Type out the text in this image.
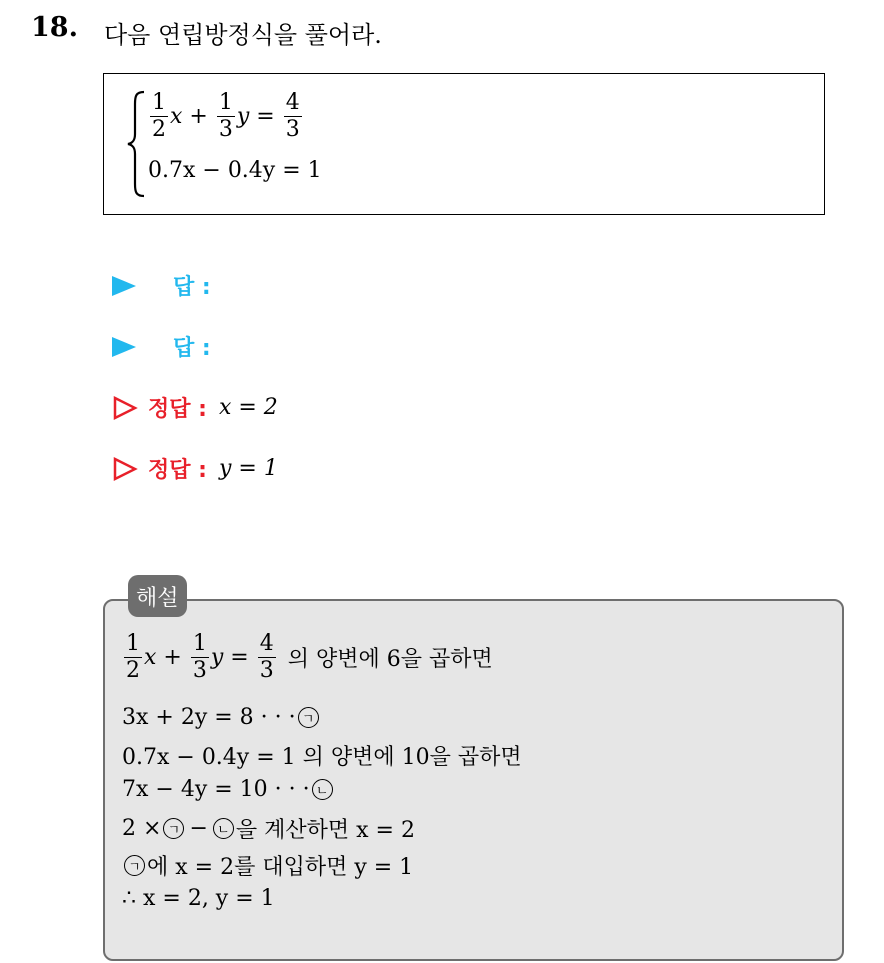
18. 다음 연립방정식을 풀어라.
$\frac{1}{2}$ $x + \frac{1}{3}$ $y = \frac{4}{3}$
0.7x − 0.4y = 1
답 :
답 :
정답 : x = 2
정답 : y = 1
해설
$\frac{1}{2}$ $x + \frac{1}{3}$ $y = \frac{4}{3}$ 의 양변에 6을 곱하면
3x + 2y = 8 · · · ㄱ
0.7x − 0.4y = 1 의 양변에 10을 곱하면
7x − 4y = 10 · · · ㄴ
2 × ㄱ − ㄴ 을 계산하면 x = 2
ㄱ 에 x = 2를 대입하면 y = 1
∴ x = 2, y = 1
